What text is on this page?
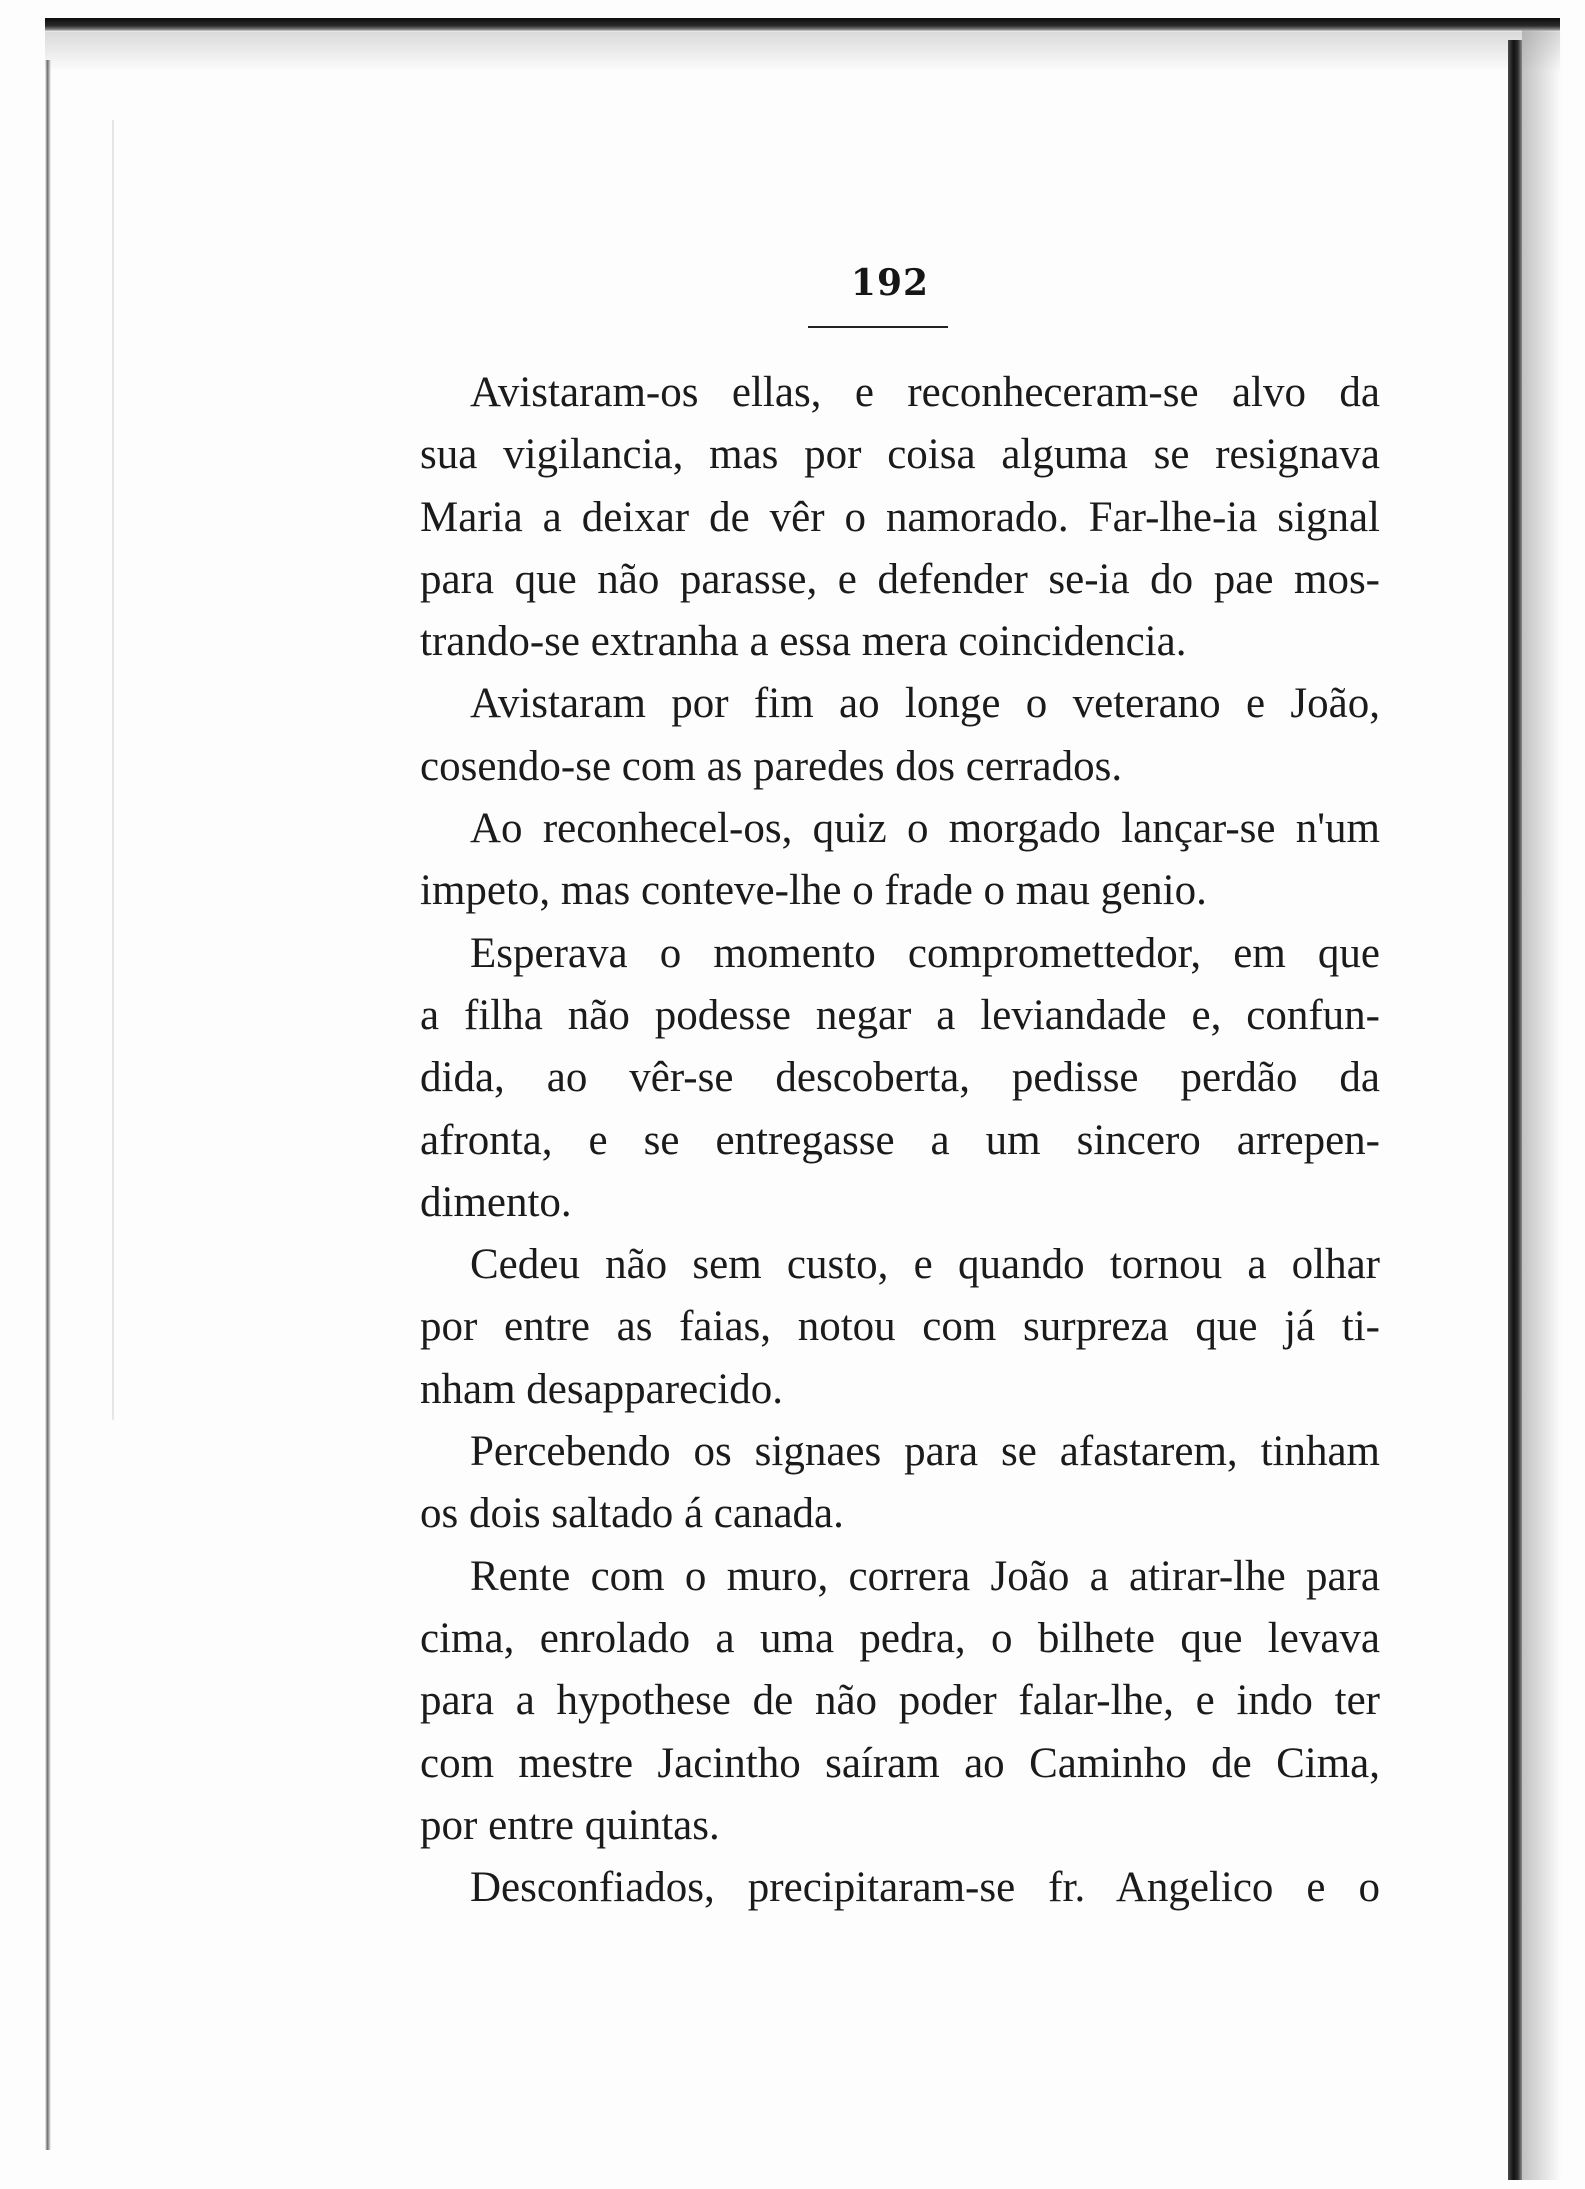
192

Avistaram-os ellas, e reconheceram-se alvo da
sua vigilancia, mas por coisa alguma se resignava
Maria a deixar de vêr o namorado. Far-lhe-ia signal
para que não parasse, e defender se-ia do pae mos-
trando-se extranha a essa mera coincidencia.

Avistaram por fim ao longe o veterano e João,
cosendo-se com as paredes dos cerrados.

Ao reconhecel-os, quiz o morgado lançar-se n'um
impeto, mas conteve-lhe o frade o mau genio.

Esperava o momento compromettedor, em que
a filha não podesse negar a leviandade e, confun-
dida, ao vêr-se descoberta, pedisse perdão da
afronta, e se entregasse a um sincero arrepen-
dimento.

Cedeu não sem custo, e quando tornou a olhar
por entre as faias, notou com surpreza que já ti-
nham desapparecido.

Percebendo os signaes para se afastarem, tinham
os dois saltado á canada.

Rente com o muro, correra João a atirar-lhe para
cima, enrolado a uma pedra, o bilhete que levava
para a hypothese de não poder falar-lhe, e indo ter
com mestre Jacintho saíram ao Caminho de Cima,
por entre quintas.

Desconfiados, precipitaram-se fr. Angelico e o
